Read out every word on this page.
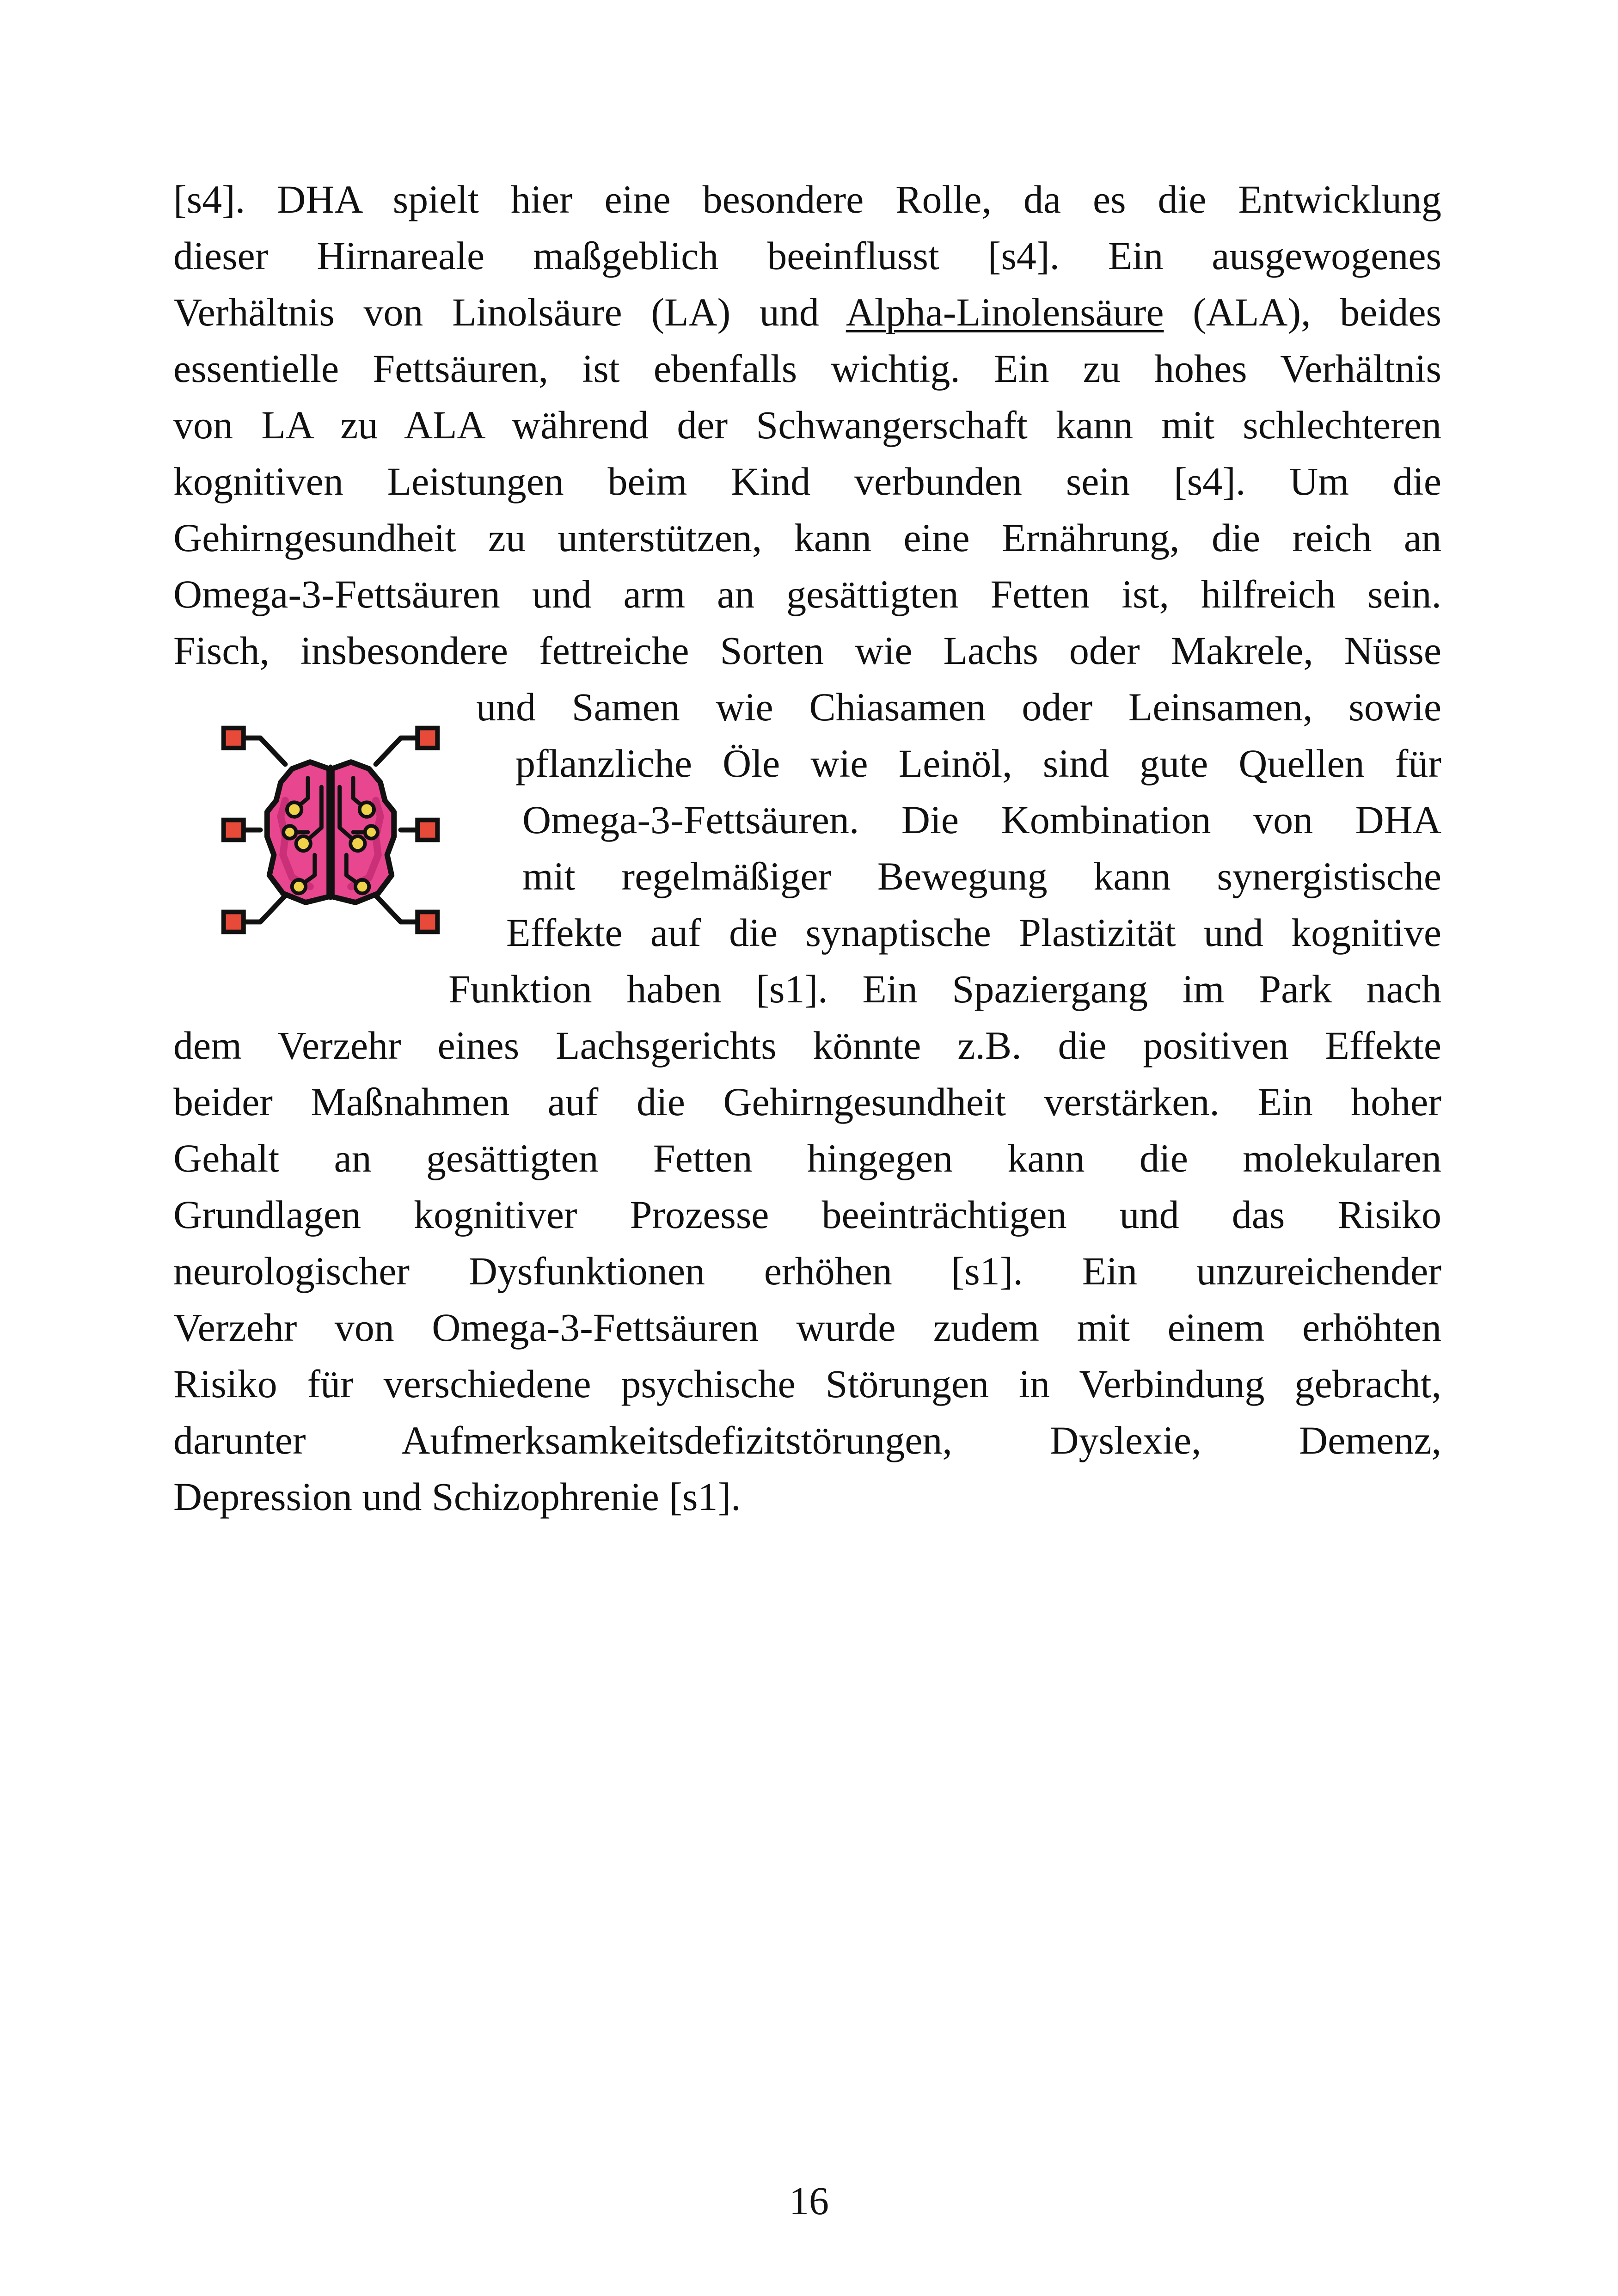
[s4]. DHA spielt hier eine besondere Rolle, da es die Entwicklung
dieser Hirnareale maßgeblich beeinflusst [s4]. Ein ausgewogenes
Verhältnis von Linolsäure (LA) und Alpha-Linolensäure (ALA), beides
essentielle Fettsäuren, ist ebenfalls wichtig. Ein zu hohes Verhältnis
von LA zu ALA während der Schwangerschaft kann mit schlechteren
kognitiven Leistungen beim Kind verbunden sein [s4]. Um die
Gehirngesundheit zu unterstützen, kann eine Ernährung, die reich an
Omega-3-Fettsäuren und arm an gesättigten Fetten ist, hilfreich sein.
Fisch, insbesondere fettreiche Sorten wie Lachs oder Makrele, Nüsse
und Samen wie Chiasamen oder Leinsamen, sowie
pflanzliche Öle wie Leinöl, sind gute Quellen für
Omega-3-Fettsäuren. Die Kombination von DHA
mit regelmäßiger Bewegung kann synergistische
Effekte auf die synaptische Plastizität und kognitive
Funktion haben [s1]. Ein Spaziergang im Park nach
dem Verzehr eines Lachsgerichts könnte z.B. die positiven Effekte
beider Maßnahmen auf die Gehirngesundheit verstärken. Ein hoher
Gehalt an gesättigten Fetten hingegen kann die molekularen
Grundlagen kognitiver Prozesse beeinträchtigen und das Risiko
neurologischer Dysfunktionen erhöhen [s1]. Ein unzureichender
Verzehr von Omega-3-Fettsäuren wurde zudem mit einem erhöhten
Risiko für verschiedene psychische Störungen in Verbindung gebracht,
darunter Aufmerksamkeitsdefizitstörungen, Dyslexie, Demenz,
Depression und Schizophrenie [s1].
16
